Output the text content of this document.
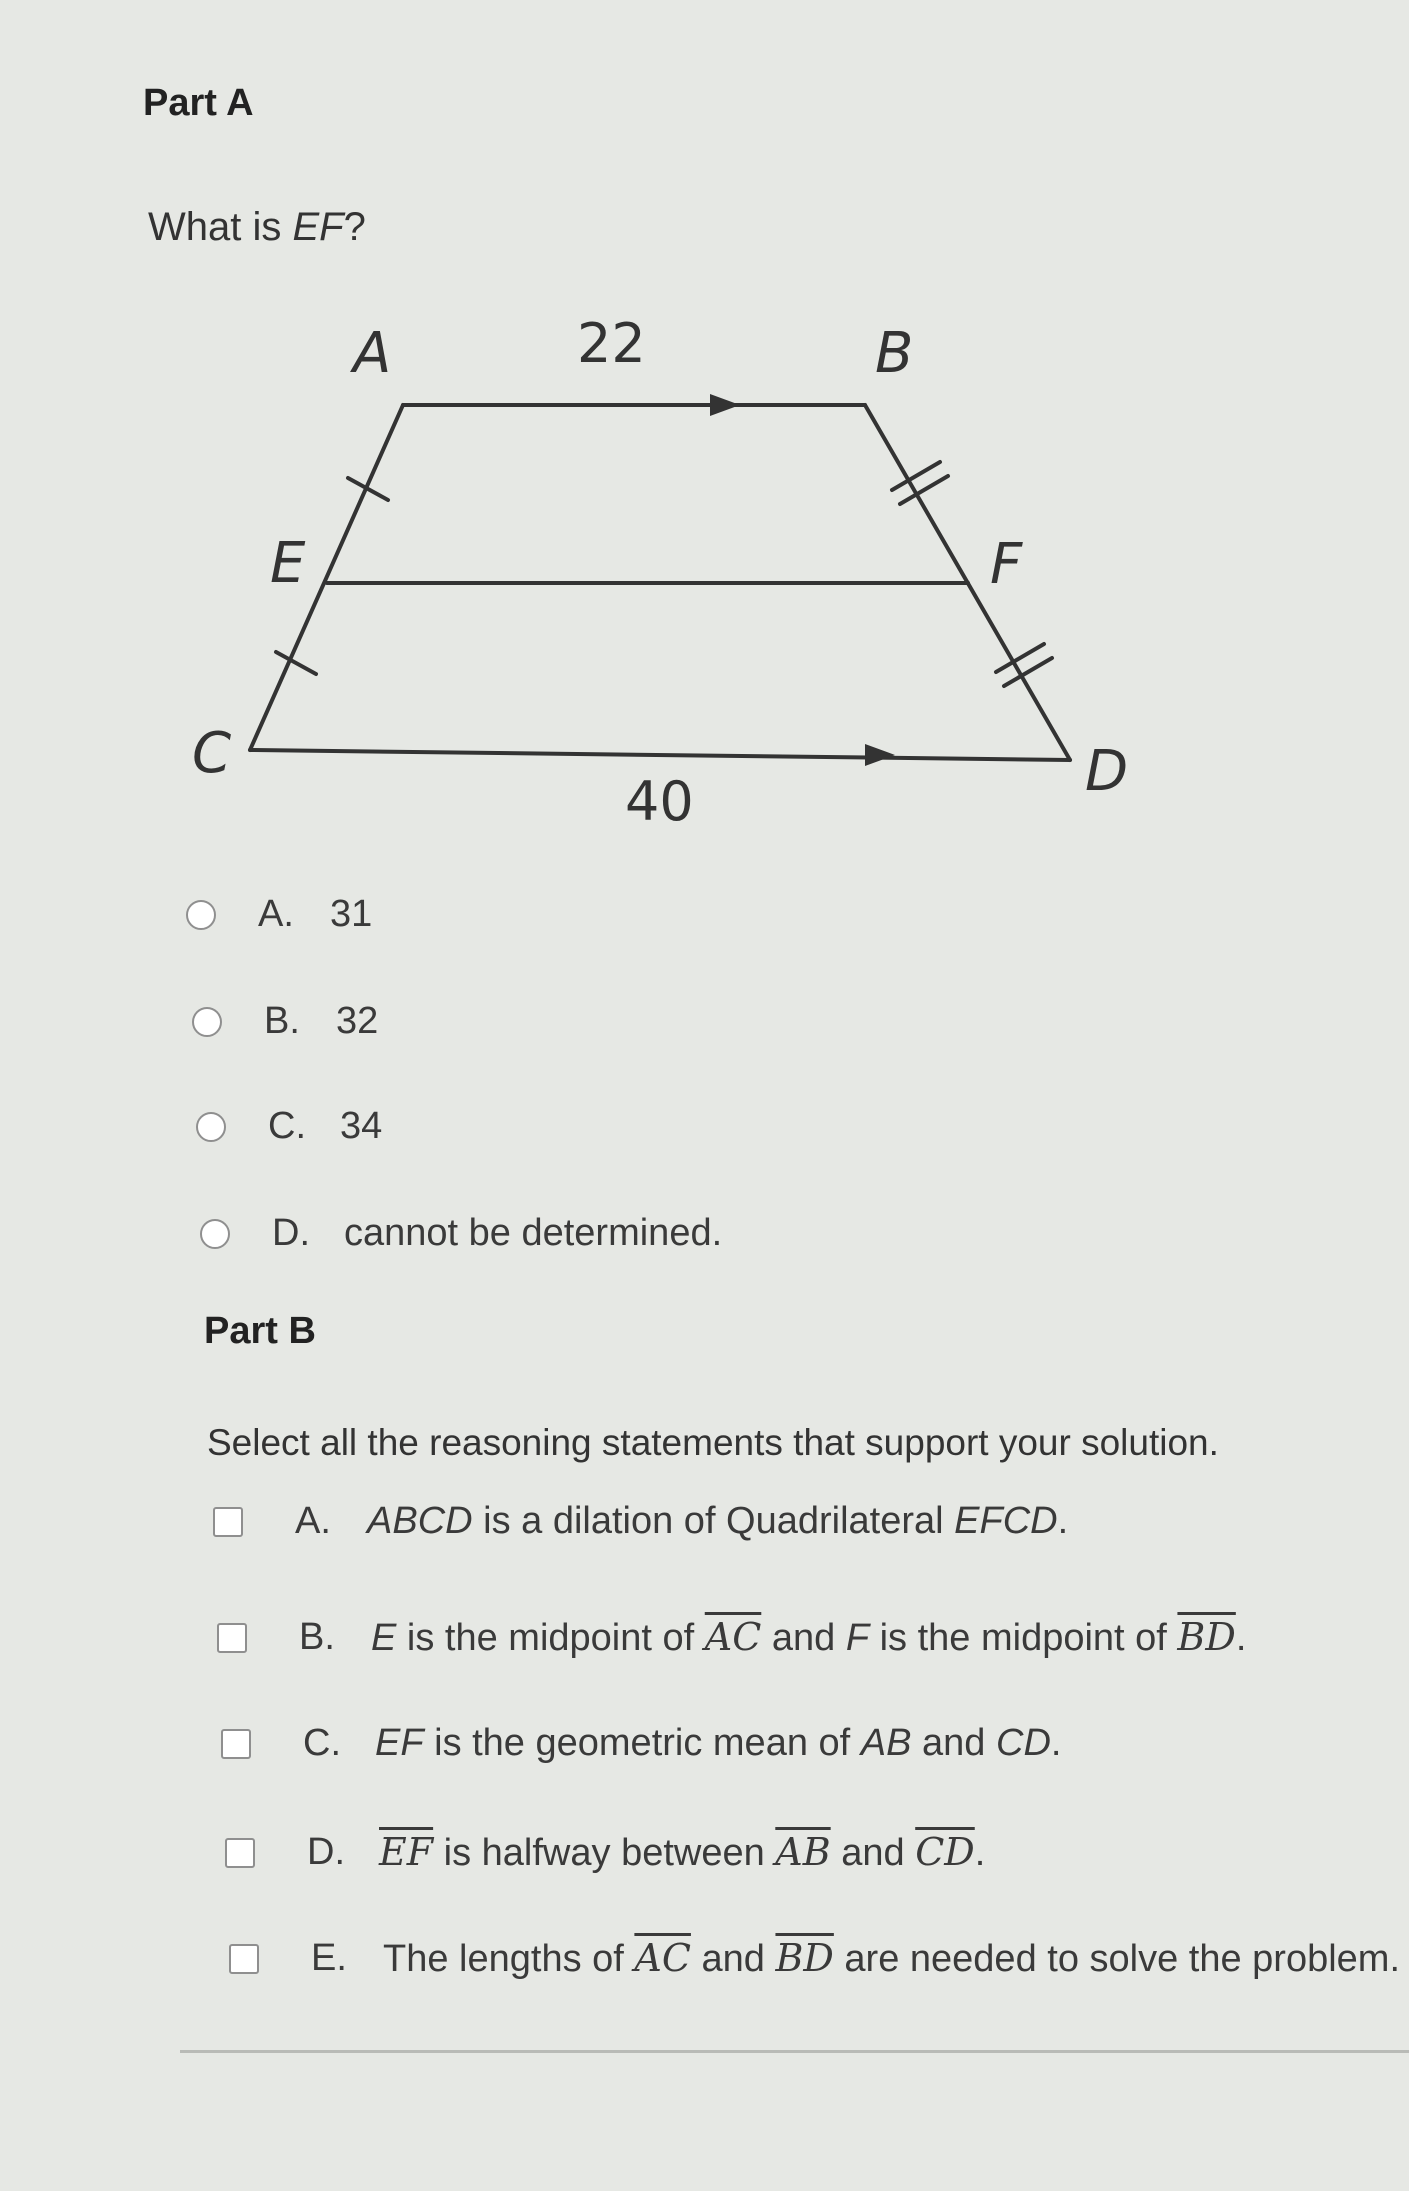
Part A
What is EF?
A	B
C	D
E	F
22
40
A. 31
B. 32
C. 34
D. cannot be determined.
Part B
Select all the reasoning statements that support your solution.
A. ABCD is a dilation of Quadrilateral EFCD.
B. E is the midpoint of $\overline{AC}$ and F is the midpoint of $\overline{BD}$.
C. EF is the geometric mean of AB and CD.
D. $\overline{EF}$ is halfway between $\overline{AB}$ and $\overline{CD}$.
E. The lengths of $\overline{AC}$ and $\overline{BD}$ are needed to solve the problem.
